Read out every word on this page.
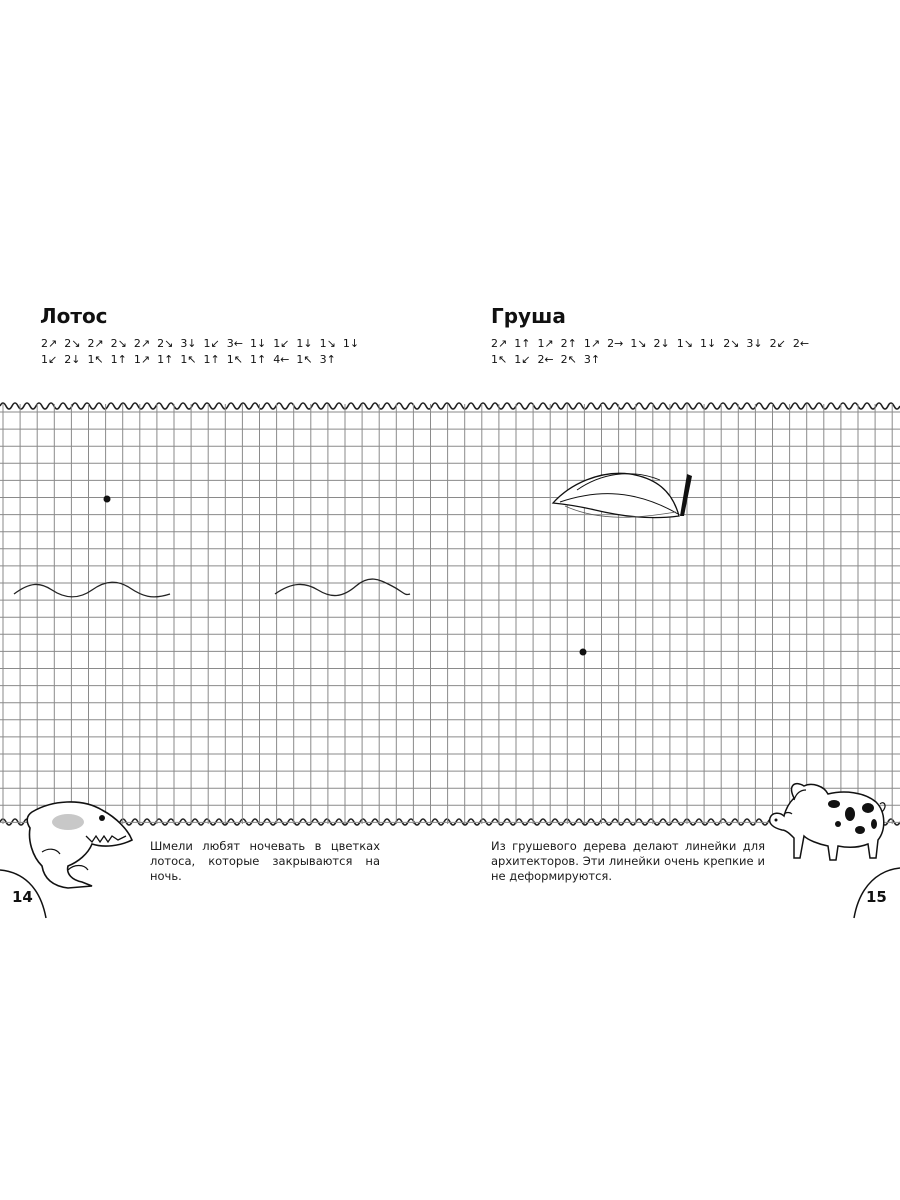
Лотос
2↗ 2↘ 2↗ 2↘ 2↗ 2↘ 3↓ 1↙ 3← 1↓ 1↙ 1↓ 1↘ 1↓
1↙ 2↓ 1↖ 1↑ 1↗ 1↑ 1↖ 1↑ 1↖ 1↑ 4← 1↖ 3↑
Груша
2↗ 1↑ 1↗ 2↑ 1↗ 2→ 1↘ 2↓ 1↘ 1↓ 2↘ 3↓ 2↙ 2←
1↖ 1↙ 2← 2↖ 3↑

Шмели любят ночевать в цветках лотоса, которые закрываются на ночь.

Из грушевого дерева делают линейки для архитекторов. Эти линейки очень крепкие и не деформируются.

14	15
